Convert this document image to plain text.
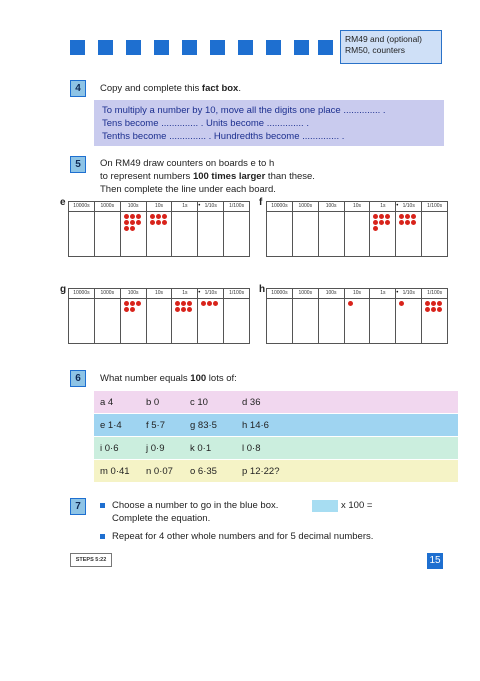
RM49 and (optional) RM50, counters
4	Copy and complete this fact box.
To multiply a number by 10, move all the digits one place .............. .
Tens become .............. . Units become .............. .
Tenths become .............. . Hundredths become .............. .
5	On RM49 draw counters on boards e to h
to represent numbers 100 times larger than these.
Then complete the line under each board.
e	10000s	1000s	100s	10s	1s	• 1/10s	1/100s	f	10000s	1000s	100s	10s	1s	• 1/10s	1/100s
g	10000s	1000s	100s	10s	1s	• 1/10s	1/100s	h	10000s	1000s	100s	10s	1s	• 1/10s	1/100s
6	What number equals 100 lots of:
a 4	b 0	c 10	d 36
e 1·4	f 5·7	g 83·5	h 14·6
i 0·6	j 0·9	k 0·1	l 0·8
m 0·41 n 0·07 o 6·35	p 12·22?
7	Choose a number to go in the blue box.
Complete the equation.
x 100 =
Repeat for 4 other whole numbers and for 5 decimal numbers.
STEPS 5:22	15
